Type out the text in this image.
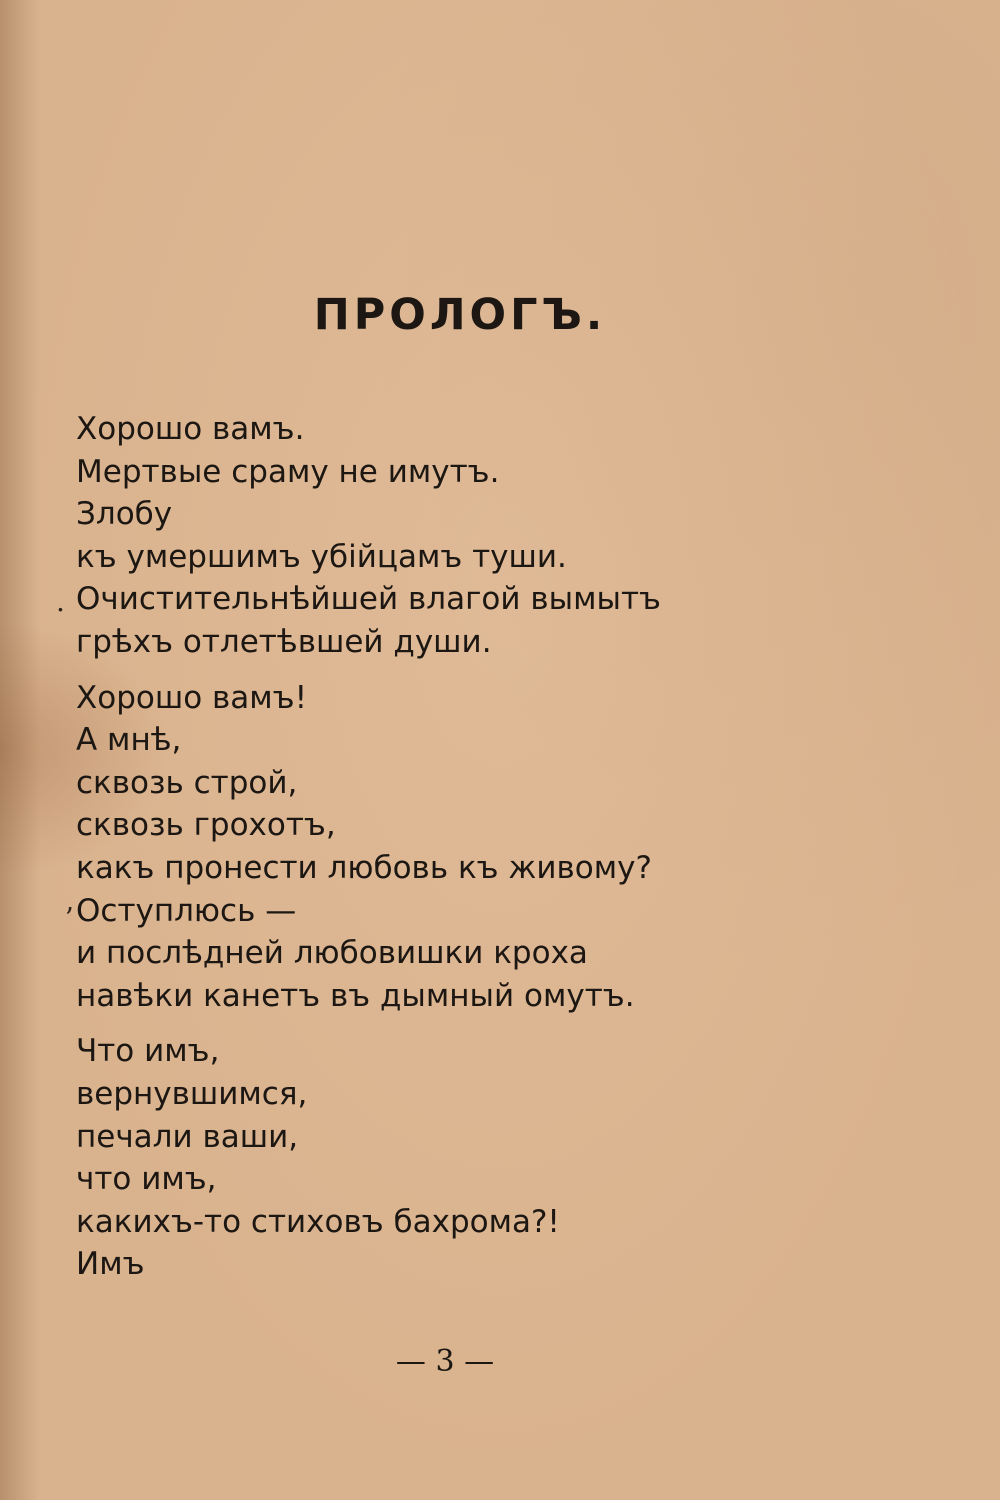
ПРОЛОГЪ.
Хорошо вамъ.
Мертвые сраму не имутъ.
Злобу
къ умершимъ убійцамъ туши.
Очистительнѣйшей влагой вымытъ
грѣхъ отлетѣвшей души.
Хорошо вамъ!
А мнѣ,
сквозь строй,
сквозь грохотъ,
какъ пронести любовь къ живому?
Оступлюсь —
и послѣдней любовишки кроха
навѣки канетъ въ дымный омутъ.
Что имъ,
вернувшимся,
печали ваши,
что имъ,
какихъ-то стиховъ бахрома?!
Имъ
— 3 —
.
ʼ
